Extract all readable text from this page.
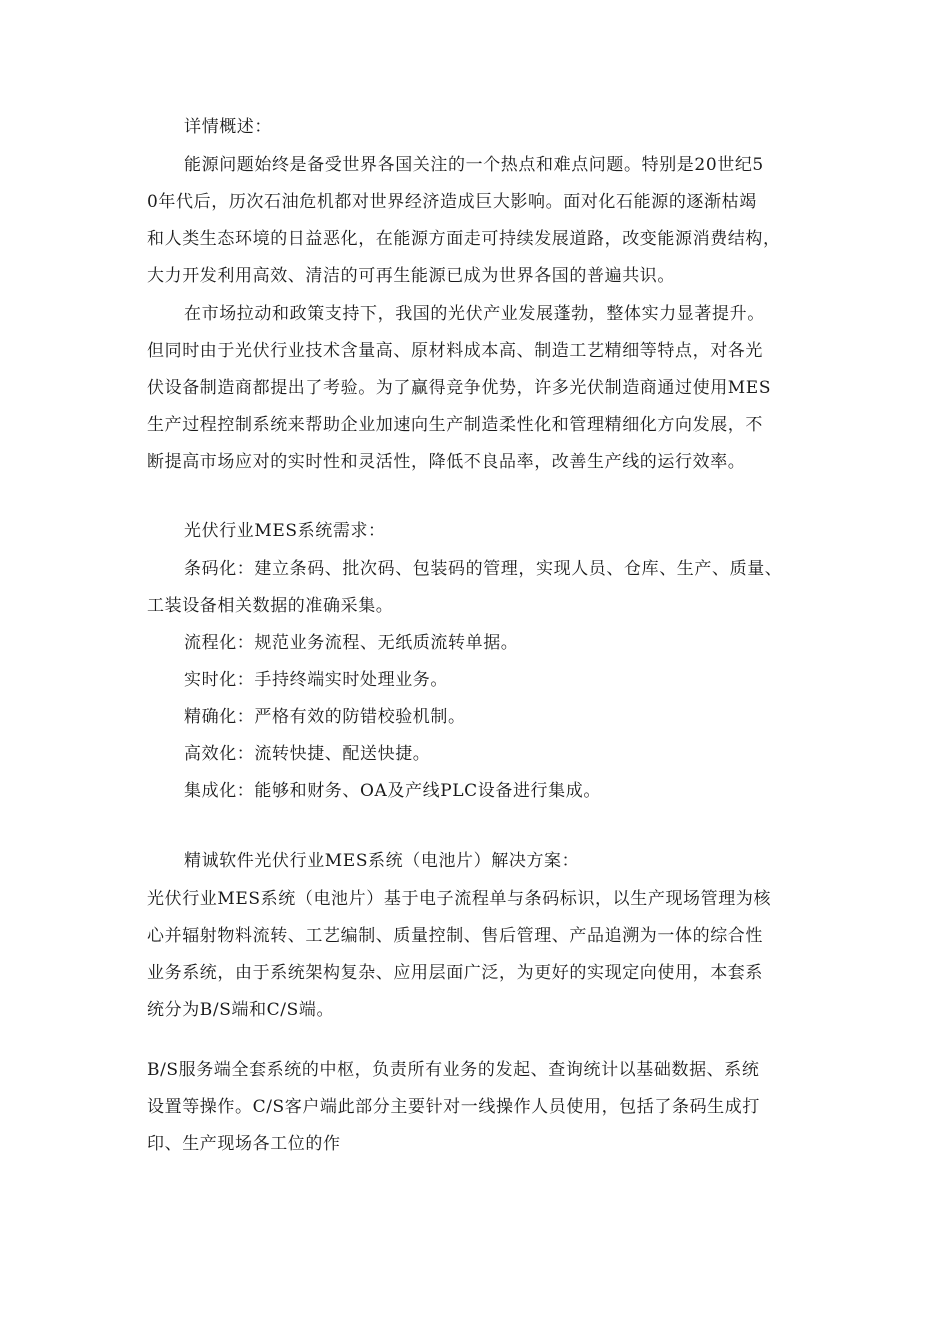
详情概述：
能源问题始终是备受世界各国关注的一个热点和难点问题。特别是20世纪5
0年代后，历次石油危机都对世界经济造成巨大影响。面对化石能源的逐渐枯竭
和人类生态环境的日益恶化，在能源方面走可持续发展道路，改变能源消费结构，
大力开发利用高效、清洁的可再生能源已成为世界各国的普遍共识。
在市场拉动和政策支持下，我国的光伏产业发展蓬勃，整体实力显著提升。
但同时由于光伏行业技术含量高、原材料成本高、制造工艺精细等特点，对各光
伏设备制造商都提出了考验。为了赢得竞争优势，许多光伏制造商通过使用MES
生产过程控制系统来帮助企业加速向生产制造柔性化和管理精细化方向发展，不
断提高市场应对的实时性和灵活性，降低不良品率，改善生产线的运行效率。
光伏行业MES系统需求：
条码化：建立条码、批次码、包装码的管理，实现人员、仓库、生产、质量、
工装设备相关数据的准确采集。
流程化：规范业务流程、无纸质流转单据。
实时化：手持终端实时处理业务。
精确化：严格有效的防错校验机制。
高效化：流转快捷、配送快捷。
集成化：能够和财务、OA及产线PLC设备进行集成。
精诚软件光伏行业MES系统（电池片）解决方案：
光伏行业MES系统（电池片）基于电子流程单与条码标识，以生产现场管理为核
心并辐射物料流转、工艺编制、质量控制、售后管理、产品追溯为一体的综合性
业务系统，由于系统架构复杂、应用层面广泛，为更好的实现定向使用，本套系
统分为B/S端和C/S端。
B/S服务端全套系统的中枢，负责所有业务的发起、查询统计以基础数据、系统
设置等操作。C/S客户端此部分主要针对一线操作人员使用，包括了条码生成打
印、生产现场各工位的作
